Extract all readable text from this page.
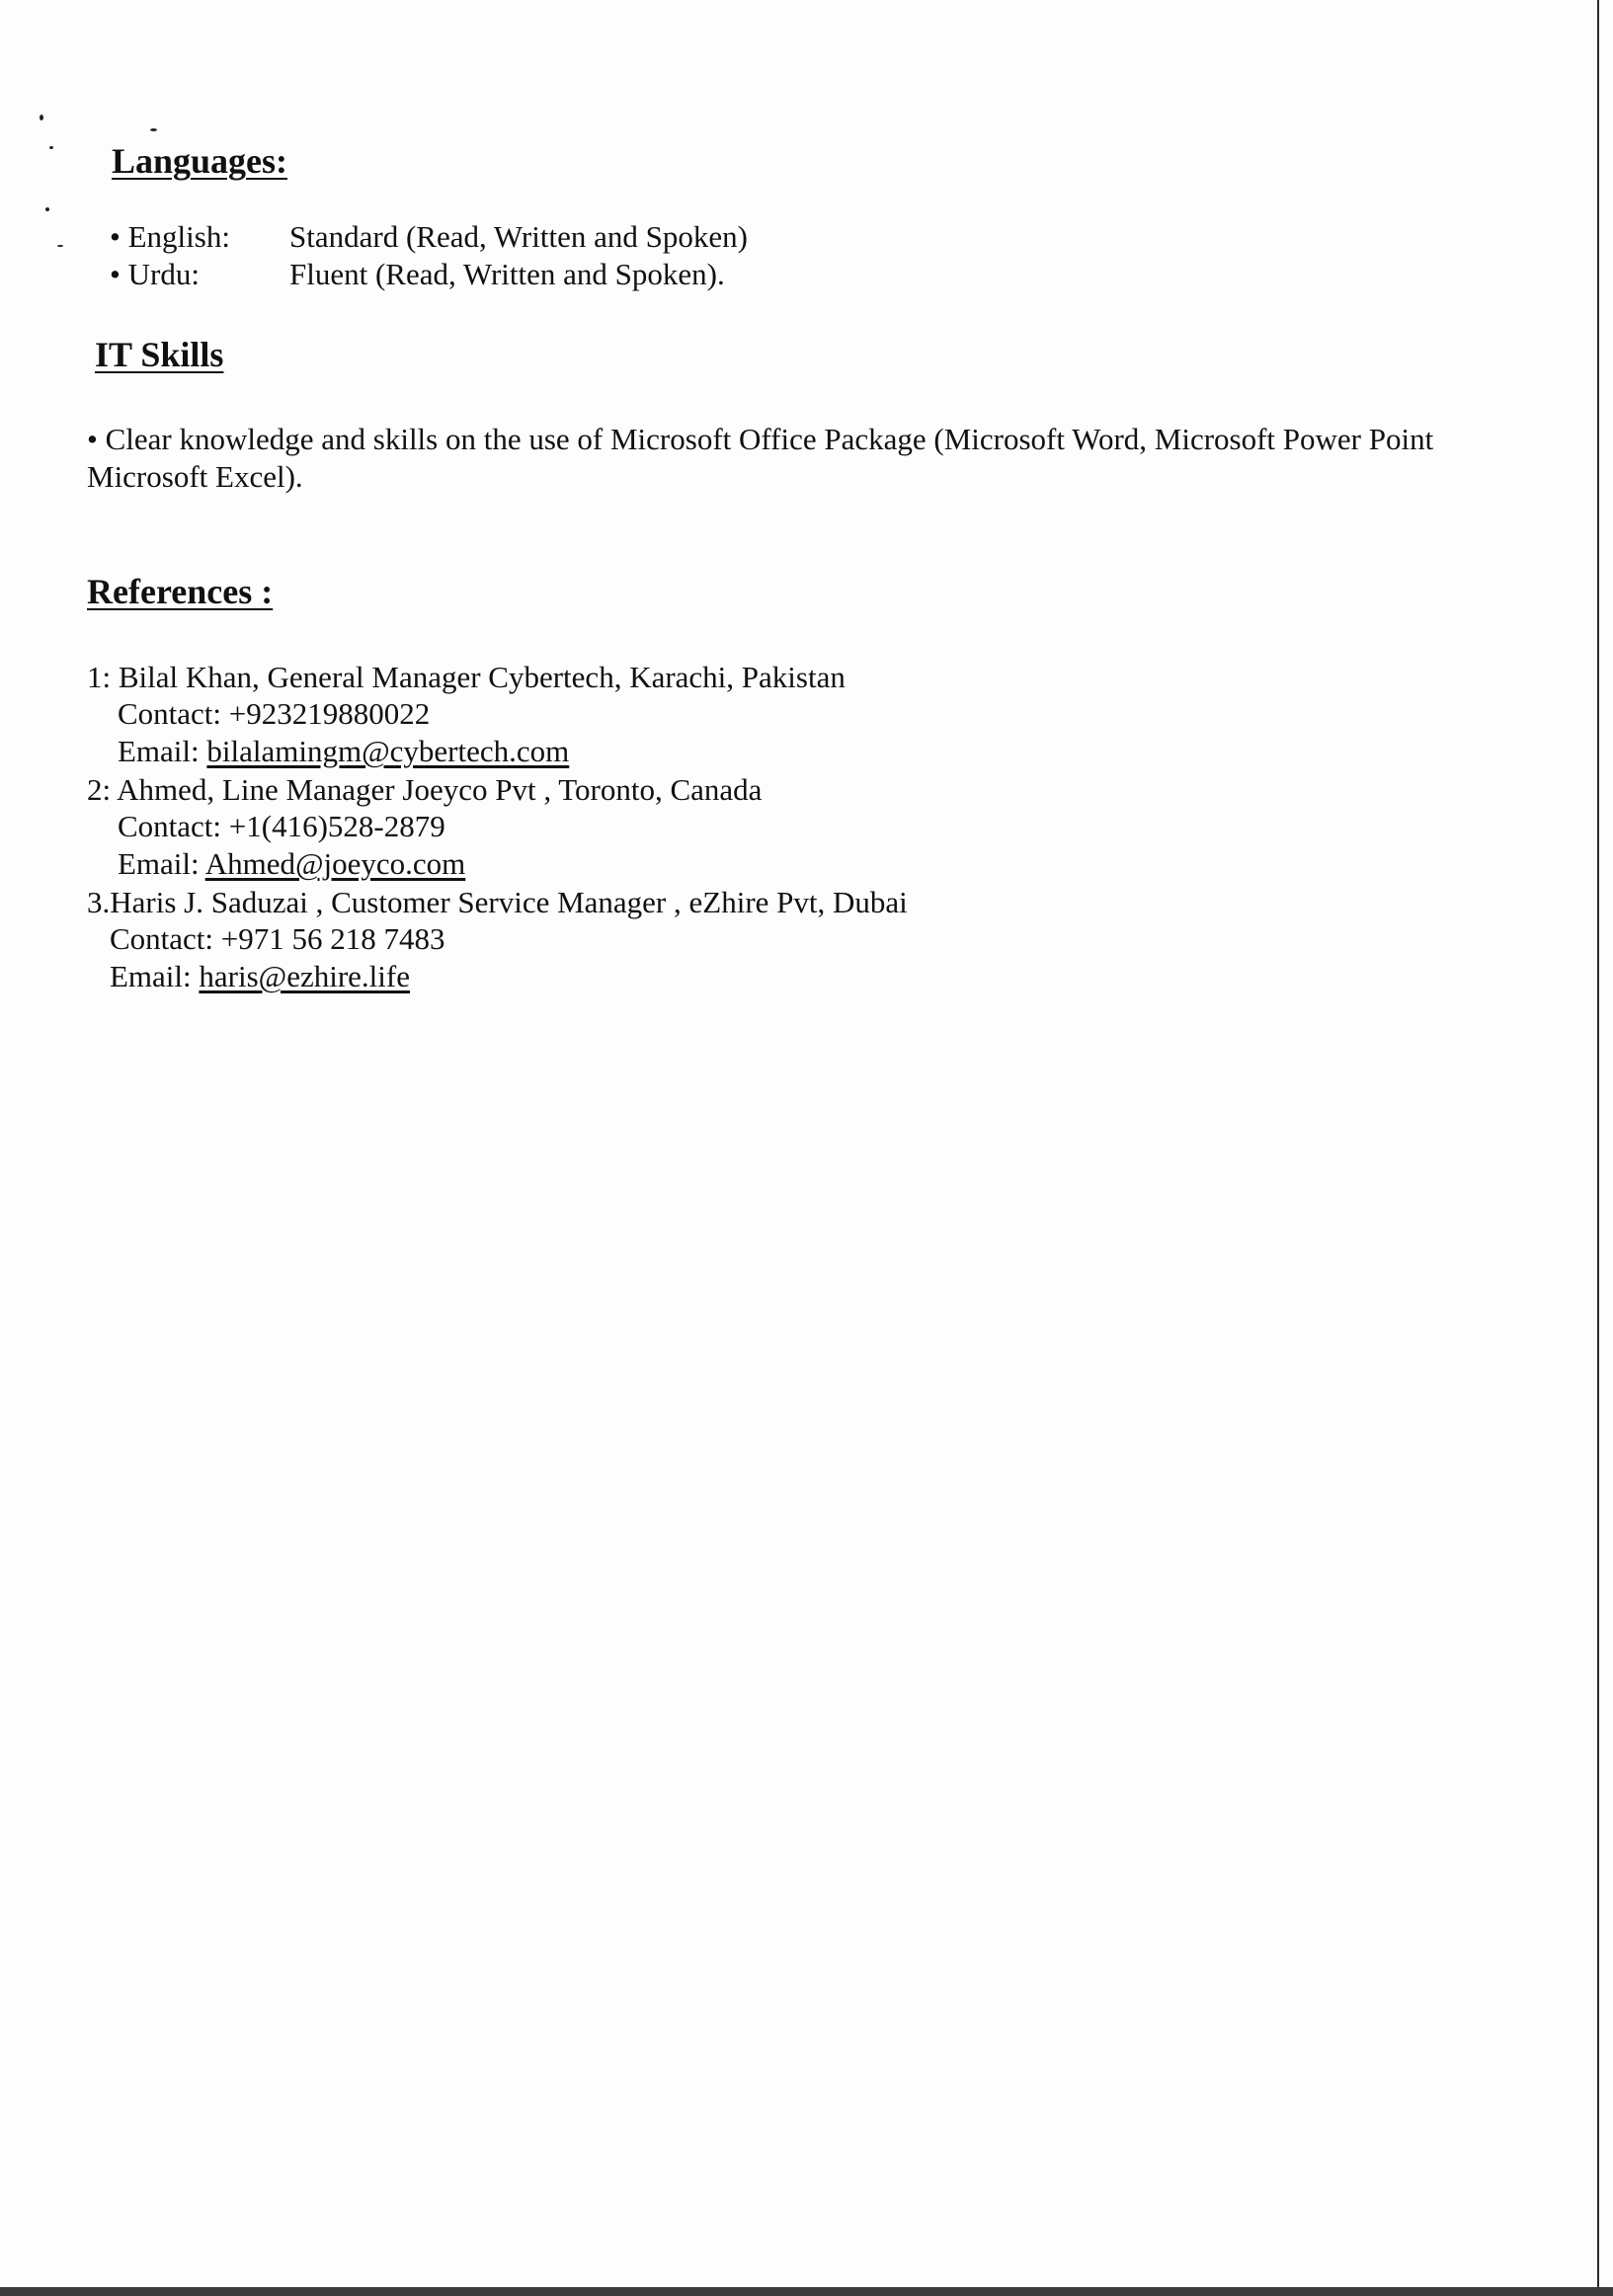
Languages:
• English: Standard (Read, Written and Spoken)
• Urdu:	Fluent (Read, Written and Spoken).
IT Skills

• Clear knowledge and skills on the use of Microsoft Office Package (Microsoft Word, Microsoft Power Point

Microsoft Excel).

References :

1: Bilal Khan, General Manager Cybertech, Karachi, Pakistan

Contact: +923219880022

Email: bilalamingm@cybertech.com

2: Ahmed, Line Manager Joeyco Pvt , Toronto, Canada

Contact: +1(416)528-2879

Email: Ahmed@joeyco.com

3.Haris J. Saduzai , Customer Service Manager , eZhire Pvt, Dubai

Contact: +971 56 218 7483

Email: haris@ezhire.life
